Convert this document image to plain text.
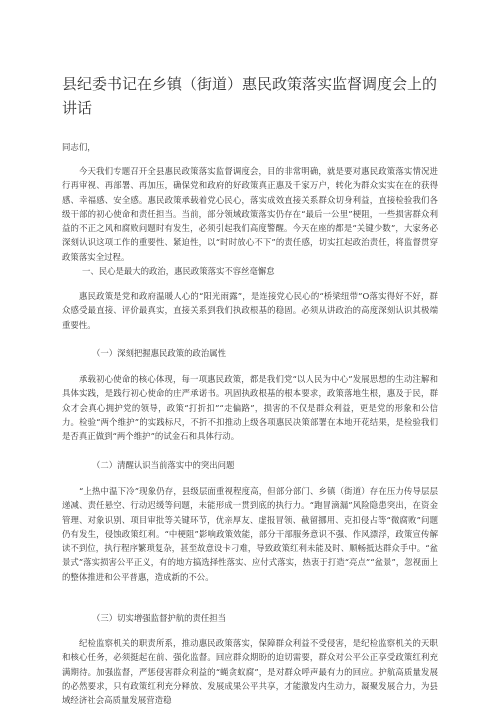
县纪委书记在乡镇（街道）惠民政策落实监督调度会上的讲话

同志们，

今天我们专题召开全县惠民政策落实监督调度会，目的非常明确，就是要对惠民政策落实情况进行再审视、再部署、再加压，确保党和政府的好政策真正惠及千家万户，转化为群众实实在在的获得感、幸福感、安全感。惠民政策承载着党心民心，落实成效直接关系群众切身利益，直接检验我们各级干部的初心使命和责任担当。当前，部分领域政策落实仍存在“最后一公里”梗阻，一些损害群众利益的不正之风和腐败问题时有发生，必须引起我们高度警醒。今天在座的都是“关键少数”，大家务必深刻认识这项工作的重要性、紧迫性，以“时时放心不下”的责任感，切实扛起政治责任，将监督贯穿政策落实全过程。

一、民心是最大的政治，惠民政策落实不容丝毫懈怠

惠民政策是党和政府温暖人心的“阳光雨露”，是连接党心民心的“桥梁纽带”O落实得好不好，群众感受最直接、评价最真实，直接关系到我们执政根基的稳固。必须从讲政治的高度深刻认识其极端重要性。

（一）深刻把握惠民政策的政治属性

承载初心使命的核心体现，每一项惠民政策，都是我们党“以人民为中心”发展思想的生动注解和具体实践，是践行初心使命的庄严承诺书。巩固执政根基的根本要求，政策落地生根，惠及于民，群众才会真心拥护党的领导，政策“打折扣”“走偏路”，损害的不仅是群众利益，更是党的形象和公信力。检验“两个维护”的实践标尺，不折不扣推动上级各项惠民决策部署在本地开花结果，是检验我们是否真正做到“两个维护”的试金石和具体行动。

（二）清醒认识当前落实中的突出问题

“上热中温下冷”现象仍存，县级层面重视程度高，但部分部门、乡镇（街道）存在压力传导层层递减、责任悬空、行动迟缓等问题，未能形成一贯到底的执行力。“跑冒滴漏”风险隐患突出，在资金管理、对象识别、项目审批等关键环节，优亲厚友、虚报冒领、截留挪用、克扣侵占等“微腐败”问题仍有发生，侵蚀政策红利。“中梗阻”影响政策效能，部分干部服务意识不强、作风漂浮，政策宣传解读不到位，执行程序繁琐复杂，甚至故意设卡刁难，导致政策红利未能及时、顺畅抵达群众手中。“盆景式”落实损害公平正义，有的地方搞选择性落实、应付式落实，热衷于打造“亮点”“盆景”，忽视面上的整体推进和公平普惠，造成新的不公。

（三）切实增强监督护航的责任担当

纪检监察机关的职责所系，推动惠民政策落实，保障群众利益不受侵害，是纪检监察机关的天职和核心任务，必须挺起在前、强化监督。回应群众期盼的迫切需要，群众对公平公正享受政策红利充满期待。加强监督，严惩侵害群众利益的“蝇贪蚁腐”，是对群众呼声最有力的回应。护航高质量发展的必然要求，只有政策红利充分释放、发展成果公平共享，才能激发内生动力，凝聚发展合力，为县域经济社会高质量发展营造稳
